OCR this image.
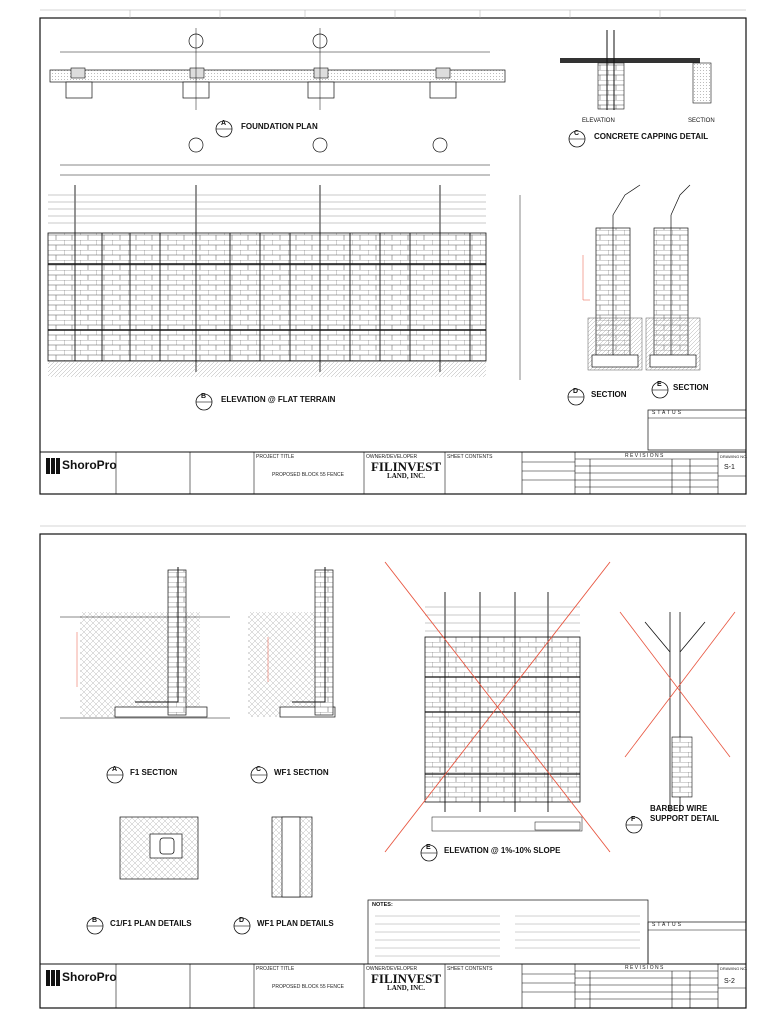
A FOUNDATION PLAN
B ELEVATION @ FLAT TERRAIN
C CONCRETE CAPPING DETAIL
D SECTION
E SECTION
ELEVATION	SECTION
STATUS
ShoroPro
PROJECT TITLE
PROPOSED BLOCK 55 FENCE
OWNER/DEVELOPER
FILINVEST
LAND, INC.
SHEET CONTENTS	R E V I S I O N S	DRAWING NO.
S-1
A F1 SECTION	C WF1 SECTION
B C1/F1 PLAN DETAILS	D WF1 PLAN DETAILS
E ELEVATION @ 1%-10% SLOPE
BARBED WIRE SUPPORT DETAIL
F
NOTES:
STATUS
ShoroPro
PROJECT TITLE
PROPOSED BLOCK 55 FENCE
OWNER/DEVELOPER
FILINVEST
LAND, INC.
SHEET CONTENTS	R E V I S I O N S	DRAWING NO.
S-2
